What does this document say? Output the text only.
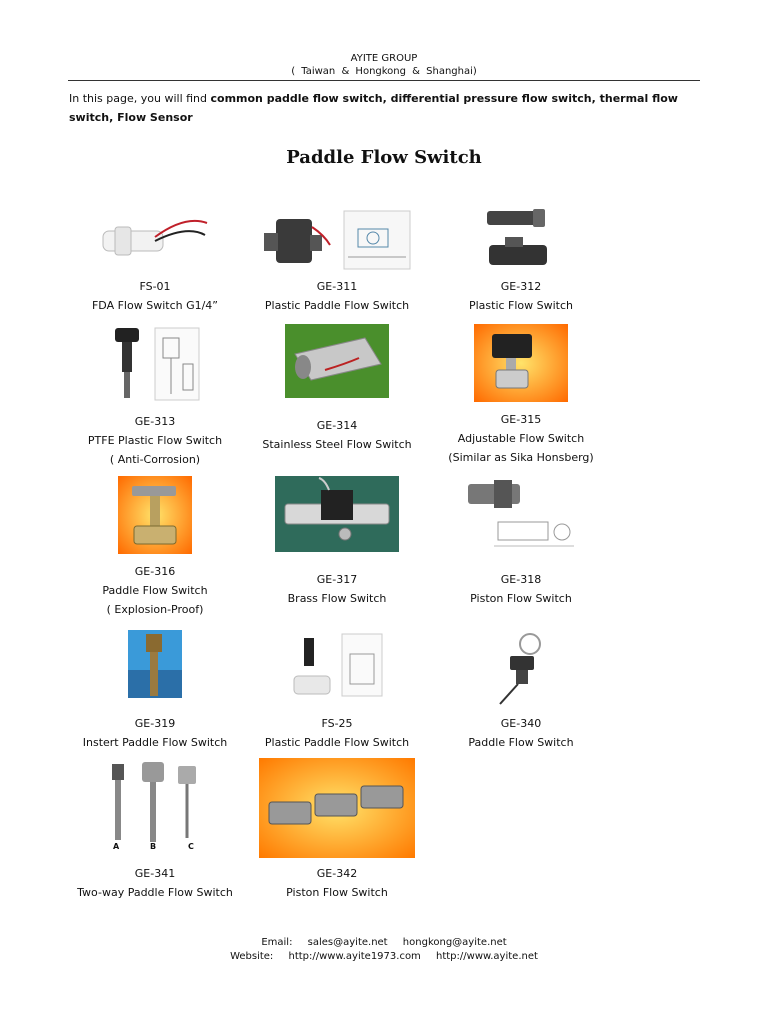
AYITE GROUP
( Taiwan & Hongkong & Shanghai)
In this page, you will find common paddle flow switch, differential pressure flow switch, thermal flow switch, Flow Sensor
Paddle Flow Switch
FS-01
FDA Flow Switch G1/4”
GE-311
Plastic Paddle Flow Switch
GE-312
Plastic Flow Switch
GE-313
PTFE Plastic Flow Switch
( Anti-Corrosion)
GE-314
Stainless Steel Flow Switch
GE-315
Adjustable Flow Switch
(Similar as Sika Honsberg)
GE-316
Paddle Flow Switch
( Explosion-Proof)
GE-317
Brass Flow Switch
GE-318
Piston Flow Switch
GE-319
Instert Paddle Flow Switch
FS-25
Plastic Paddle Flow Switch
GE-340
Paddle Flow Switch
A	B	C
GE-341
Two-way Paddle Flow Switch
GE-342
Piston Flow Switch
Email: sales@ayite.net hongkong@ayite.net
Website: http://www.ayite1973.com http://www.ayite.net
